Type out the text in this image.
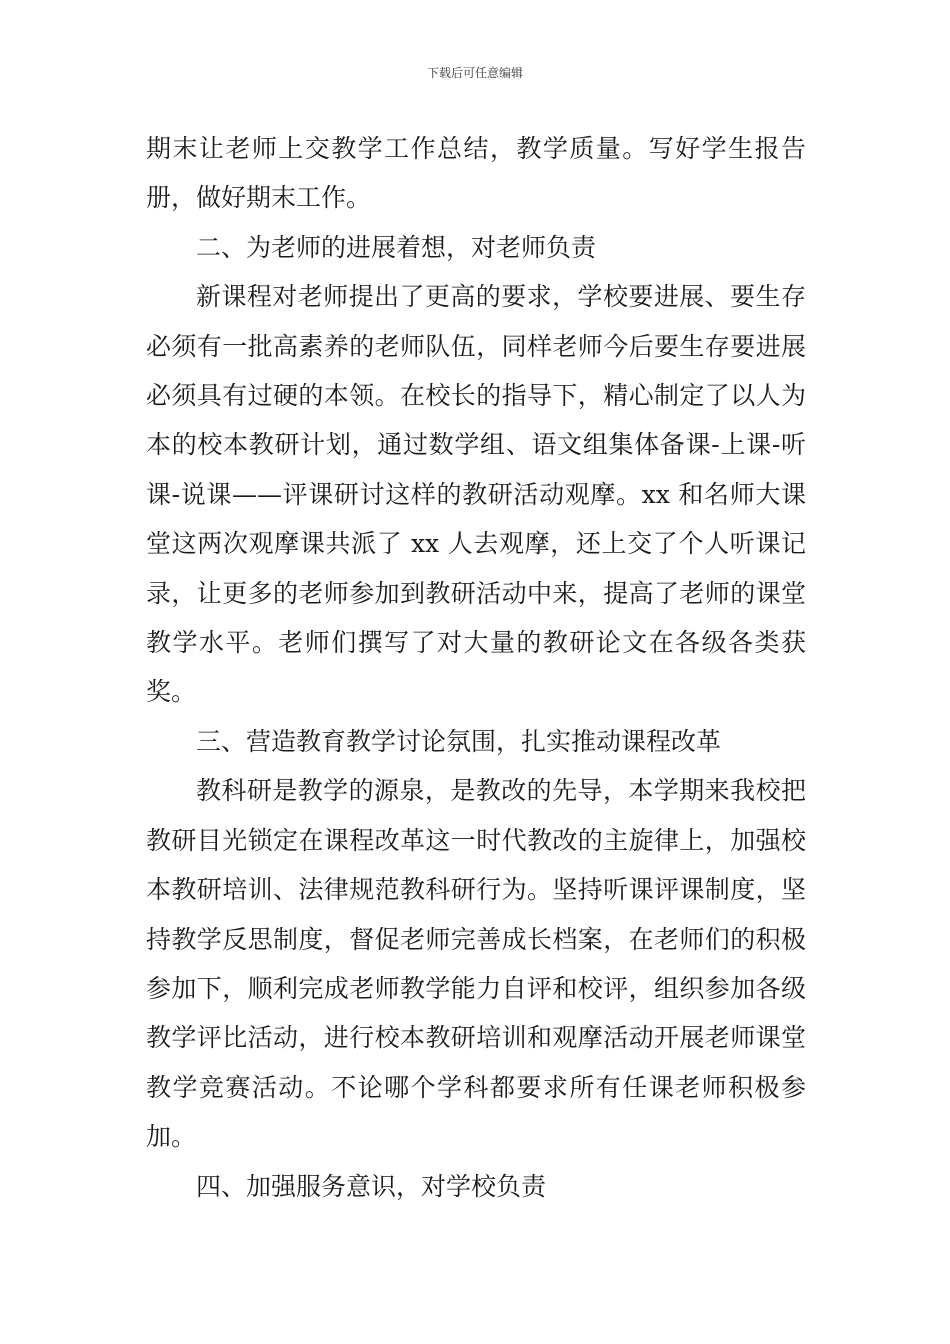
下载后可任意编辑

期末让老师上交教学工作总结，教学质量。写好学生报告册，做好期末工作。

二、为老师的进展着想，对老师负责

新课程对老师提出了更高的要求，学校要进展、要生存必须有一批高素养的老师队伍，同样老师今后要生存要进展必须具有过硬的本领。在校长的指导下，精心制定了以人为本的校本教研计划，通过数学组、语文组集体备课-上课-听课-说课——评课研讨这样的教研活动观摩。xx 和名师大课堂这两次观摩课共派了 xx 人去观摩，还上交了个人听课记录，让更多的老师参加到教研活动中来，提高了老师的课堂教学水平。老师们撰写了对大量的教研论文在各级各类获奖。

三、营造教育教学讨论氛围，扎实推动课程改革

教科研是教学的源泉，是教改的先导，本学期来我校把教研目光锁定在课程改革这一时代教改的主旋律上，加强校本教研培训、法律规范教科研行为。坚持听课评课制度，坚持教学反思制度，督促老师完善成长档案，在老师们的积极参加下，顺利完成老师教学能力自评和校评，组织参加各级教学评比活动，进行校本教研培训和观摩活动开展老师课堂教学竞赛活动。不论哪个学科都要求所有任课老师积极参加。

四、加强服务意识，对学校负责
